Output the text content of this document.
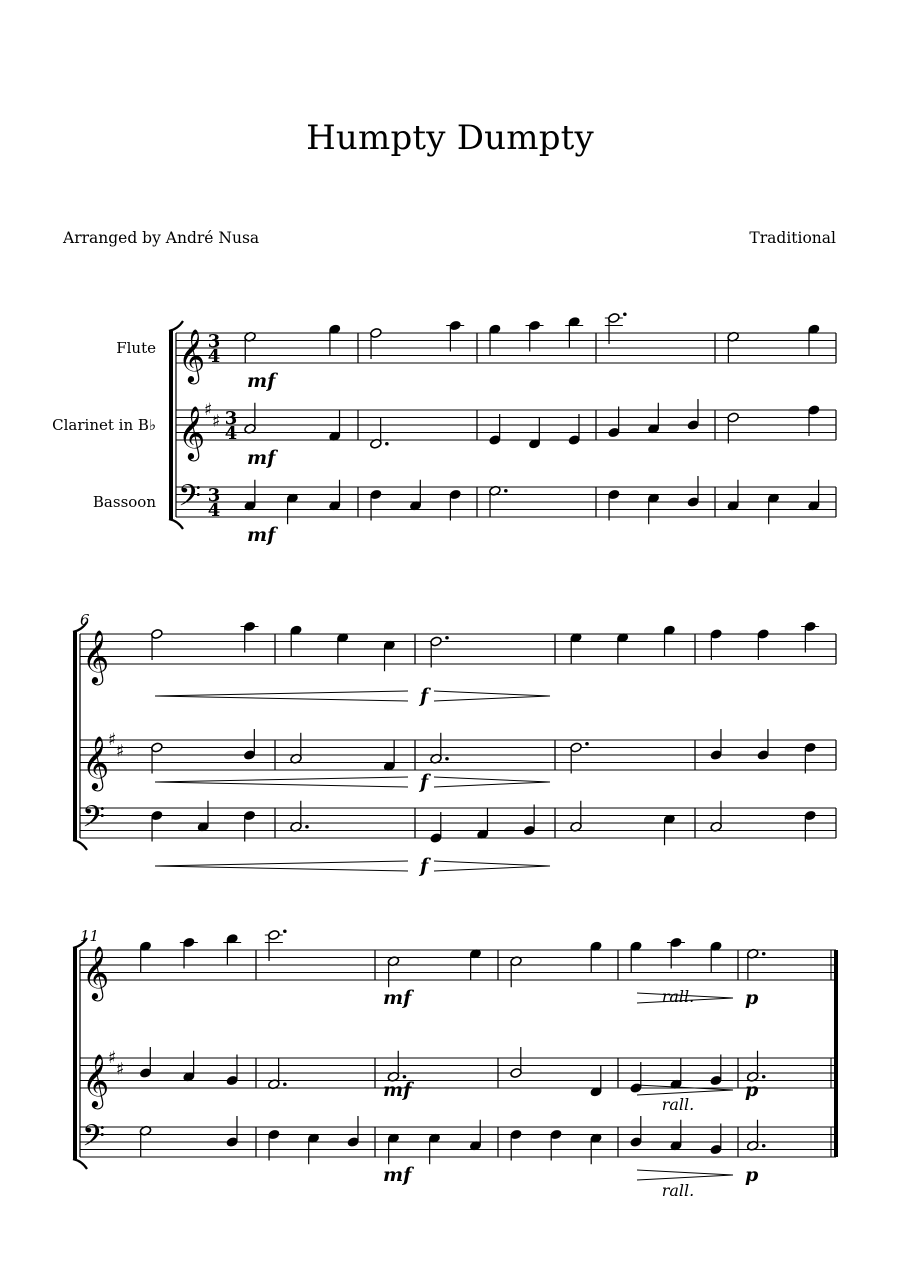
Humpty Dumpty
Arranged by André Nusa	Traditional
𝄞 3
4
𝄞
♯
♯ 3
4
𝄢 3
4
Flute
Clarinet in B♭
Bassoon
𝄞
𝄞
♯
♯
𝄢
6
𝄞
𝄞
♯
♯
𝄢
11
mf
mf
mf
f
f
f
mf	rall.	p
mf
rall.
p
mf
rall.
p
